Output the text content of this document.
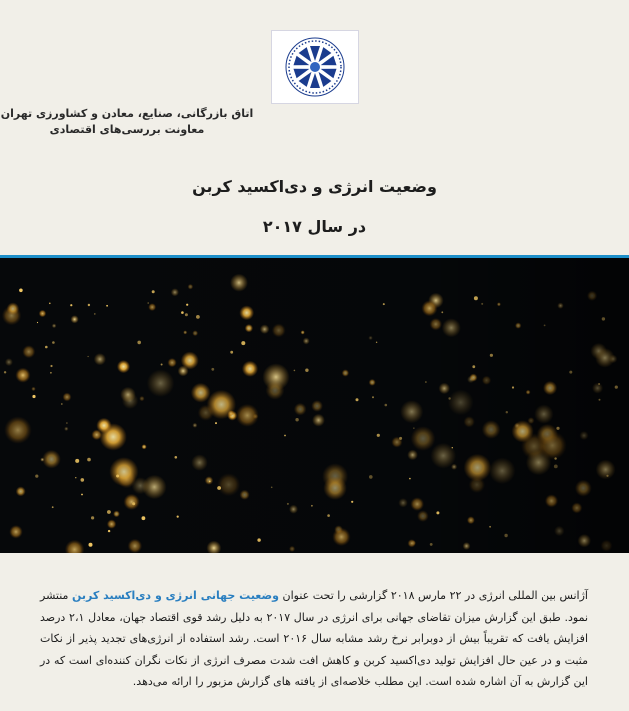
اتاق بازرگانی، صنایع، معادن و کشاورزی تهران
معاونت بررسی‌های اقتصادی
وضعیت انرژی و دی‌اکسید کربن
در سال ۲۰۱۷
آژانس بین المللی انرژی در ۲۲ مارس ۲۰۱۸ گزارشی را تحت عنوان وضعیت جهانی انرژی و دی‌اکسید کربن منتشر نمود. طبق این گزارش میزان تقاضای جهانی برای انرژی در سال ۲۰۱۷ به دلیل رشد قوی اقتصاد جهان، معادل ۲،۱ درصد افزایش یافت که تقریباً بیش از دوبرابر نرخ رشد مشابه سال ۲۰۱۶ است. رشد استفاده از انرژی‌های تجدید پذیر از نکات مثبت و در عین حال افزایش تولید دی‌اکسید کربن و کاهش افت شدت مصرف انرژی از نکات نگران کننده‌ای است که در این گزارش به آن اشاره شده است. این مطلب خلاصه‌ای از یافته های گزارش مزبور را ارائه می‌دهد.
